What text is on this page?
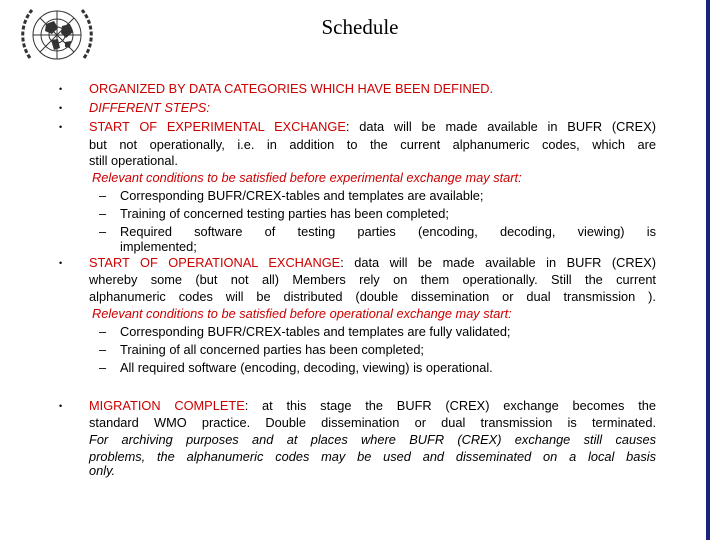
Schedule
•
•
•
•
•
ORGANIZED BY DATA CATEGORIES WHICH HAVE BEEN DEFINED.
DIFFERENT STEPS:
START OF EXPERIMENTAL EXCHANGE: data will be made available in BUFR (CREX)
but not operationally, i.e. in addition to the current alphanumeric codes, which are
still operational.
Relevant conditions to be satisfied before experimental exchange may start:
– Corresponding BUFR/CREX-tables and templates are available;
– Training of concerned testing parties has been completed;
– Required software of testing parties (encoding, decoding, viewing) is
implemented;
START OF OPERATIONAL EXCHANGE: data will be made available in BUFR (CREX)
whereby some (but not all) Members rely on them operationally. Still the current
alphanumeric codes will be distributed (double dissemination or dual transmission ).
Relevant conditions to be satisfied before operational exchange may start:
– Corresponding BUFR/CREX-tables and templates are fully validated;
– Training of all concerned parties has been completed;
– All required software (encoding, decoding, viewing) is operational.
MIGRATION COMPLETE: at this stage the BUFR (CREX) exchange becomes the
standard WMO practice. Double dissemination or dual transmission is terminated.
For archiving purposes and at places where BUFR (CREX) exchange still causes
problems, the alphanumeric codes may be used and disseminated on a local basis
only.
